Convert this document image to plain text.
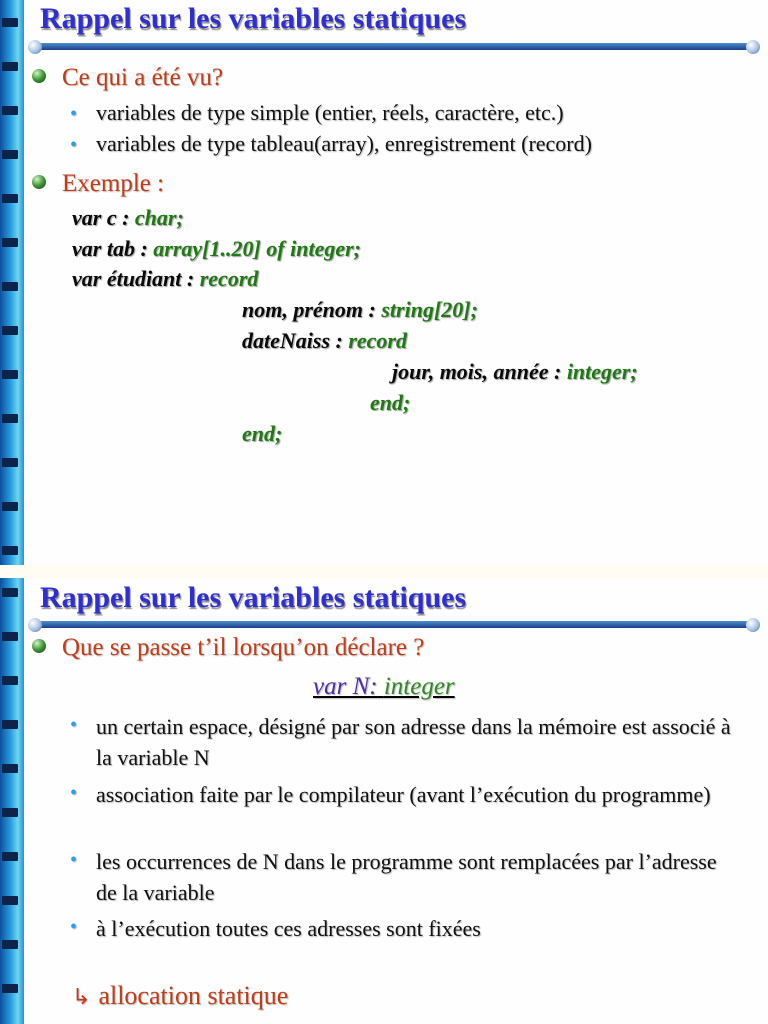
Rappel sur les variables statiques
Ce qui a été vu?
• variables de type simple (entier, réels, caractère, etc.)
• variables de type tableau(array), enregistrement (record)
Exemple :
var c : char;
var tab : array[1..20] of integer;
var étudiant : record
nom, prénom : string[20];
dateNaiss : record
jour, mois, année : integer;
end;
end;
Rappel sur les variables statiques
Que se passe t’il lorsqu’on déclare ?
var N: integer
• un certain espace, désigné par son adresse dans la mémoire est associé à la variable N
• association faite par le compilateur (avant l’exécution du programme)
• les occurrences de N dans le programme sont remplacées par l’adresse de la variable
• à l’exécution toutes ces adresses sont fixées
↳ allocation statique
